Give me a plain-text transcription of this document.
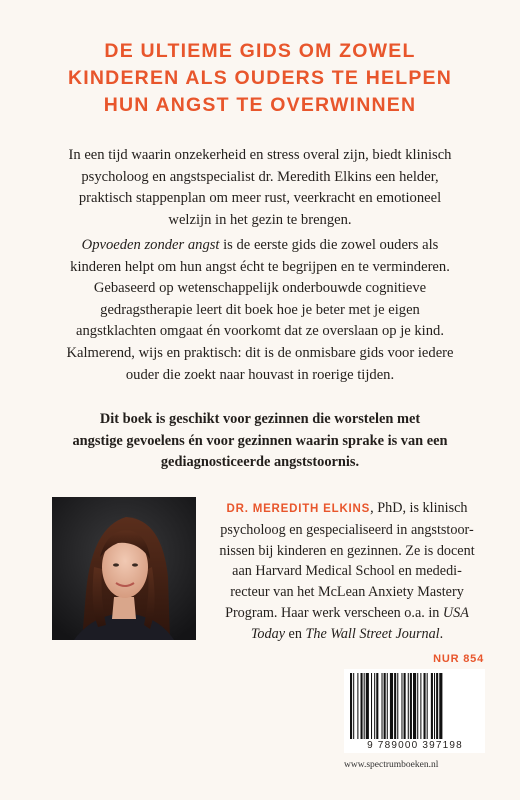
DE ULTIEME GIDS OM ZOWEL
KINDEREN ALS OUDERS TE HELPEN
HUN ANGST TE OVERWINNEN
In een tijd waarin onzekerheid en stress overal zijn, biedt klinisch
psycholoog en angstspecialist dr. Meredith Elkins een helder,
praktisch stappenplan om meer rust, veerkracht en emotioneel
welzijn in het gezin te brengen.
Opvoeden zonder angst is de eerste gids die zowel ouders als
kinderen helpt om hun angst écht te begrijpen en te verminderen.
Gebaseerd op wetenschappelijk onderbouwde cognitieve
gedragstherapie leert dit boek hoe je beter met je eigen
angstklachten omgaat én voorkomt dat ze overslaan op je kind.
Kalmerend, wijs en praktisch: dit is de onmisbare gids voor iedere
ouder die zoekt naar houvast in roerige tijden.
Dit boek is geschikt voor gezinnen die worstelen met
angstige gevoelens én voor gezinnen waarin sprake is van een
gediagnosticeerde angststoornis.
DR. MEREDITH ELKINS, PhD, is klinisch
psycholoog en gespecialiseerd in angststoor-
nissen bij kinderen en gezinnen. Ze is docent
aan Harvard Medical School en mededi-
recteur van het McLean Anxiety Mastery
Program. Haar werk verscheen o.a. in USA
Today en The Wall Street Journal.
NUR 854
9 789000 397198
www.spectrumboeken.nl
